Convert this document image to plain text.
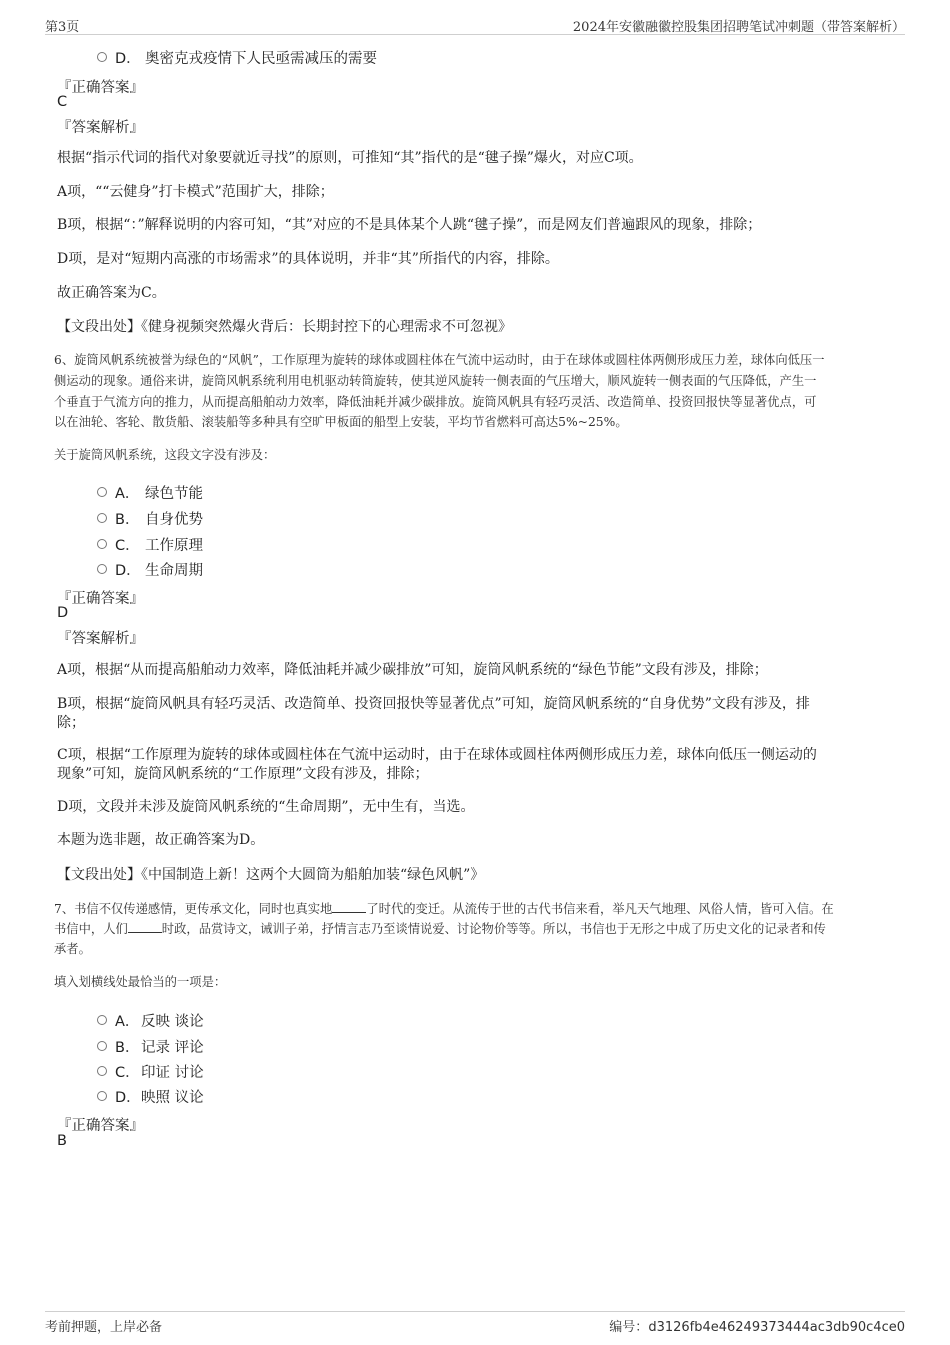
第3页	2024年安徽融徽控股集团招聘笔试冲刺题（带答案解析）
D． 奥密克戎疫情下人民亟需减压的需要
『正确答案』
C
『答案解析』
根据“指示代词的指代对象要就近寻找”的原则，可推知“其”指代的是“毽子操”爆火，对应C项。
A项，““云健身”打卡模式”范围扩大，排除；
B项，根据“：”解释说明的内容可知，“其”对应的不是具体某个人跳“毽子操”，而是网友们普遍跟风的现象，排除；
D项，是对“短期内高涨的市场需求”的具体说明，并非“其”所指代的内容，排除。
故正确答案为C。
【文段出处】《健身视频突然爆火背后：长期封控下的心理需求不可忽视》
6、旋筒风帆系统被誉为绿色的“风帆”，工作原理为旋转的球体或圆柱体在气流中运动时，由于在球体或圆柱体两侧形成压力差，球体向低压一
侧运动的现象。通俗来讲，旋筒风帆系统利用电机驱动转筒旋转，使其逆风旋转一侧表面的气压增大，顺风旋转一侧表面的气压降低，产生一
个垂直于气流方向的推力，从而提高船舶动力效率，降低油耗并减少碳排放。旋筒风帆具有轻巧灵活、改造简单、投资回报快等显著优点，可
以在油轮、客轮、散货船、滚装船等多种具有空旷甲板面的船型上安装，平均节省燃料可高达5%~25%。
关于旋筒风帆系统，这段文字没有涉及：
A． 绿色节能
B． 自身优势
C． 工作原理
D． 生命周期
『正确答案』
D
『答案解析』
A项，根据“从而提高船舶动力效率，降低油耗并减少碳排放”可知，旋筒风帆系统的“绿色节能”文段有涉及，排除；
B项，根据“旋筒风帆具有轻巧灵活、改造简单、投资回报快等显著优点”可知，旋筒风帆系统的“自身优势”文段有涉及，排
除；
C项，根据“工作原理为旋转的球体或圆柱体在气流中运动时，由于在球体或圆柱体两侧形成压力差，球体向低压一侧运动的
现象”可知，旋筒风帆系统的“工作原理”文段有涉及，排除；
D项，文段并未涉及旋筒风帆系统的“生命周期”，无中生有，当选。
本题为选非题，故正确答案为D。
【文段出处】《中国制造上新！这两个大圆筒为船舶加装“绿色风帆”》
7、书信不仅传递感情，更传承文化，同时也真实地	了时代的变迁。从流传于世的古代书信来看，举凡天气地理、风俗人情，皆可入信。在
书信中，人们	时政，品赏诗文，诫训子弟，抒情言志乃至谈情说爱、讨论物价等等。所以，书信也于无形之中成了历史文化的记录者和传
承者。
填入划横线处最恰当的一项是：
A． 反映 谈论
B． 记录 评论
C．印证 讨论
D．映照 议论
『正确答案』
B
考前押题，上岸必备	编号：d3126fb4e46249373444ac3db90c4ce0
